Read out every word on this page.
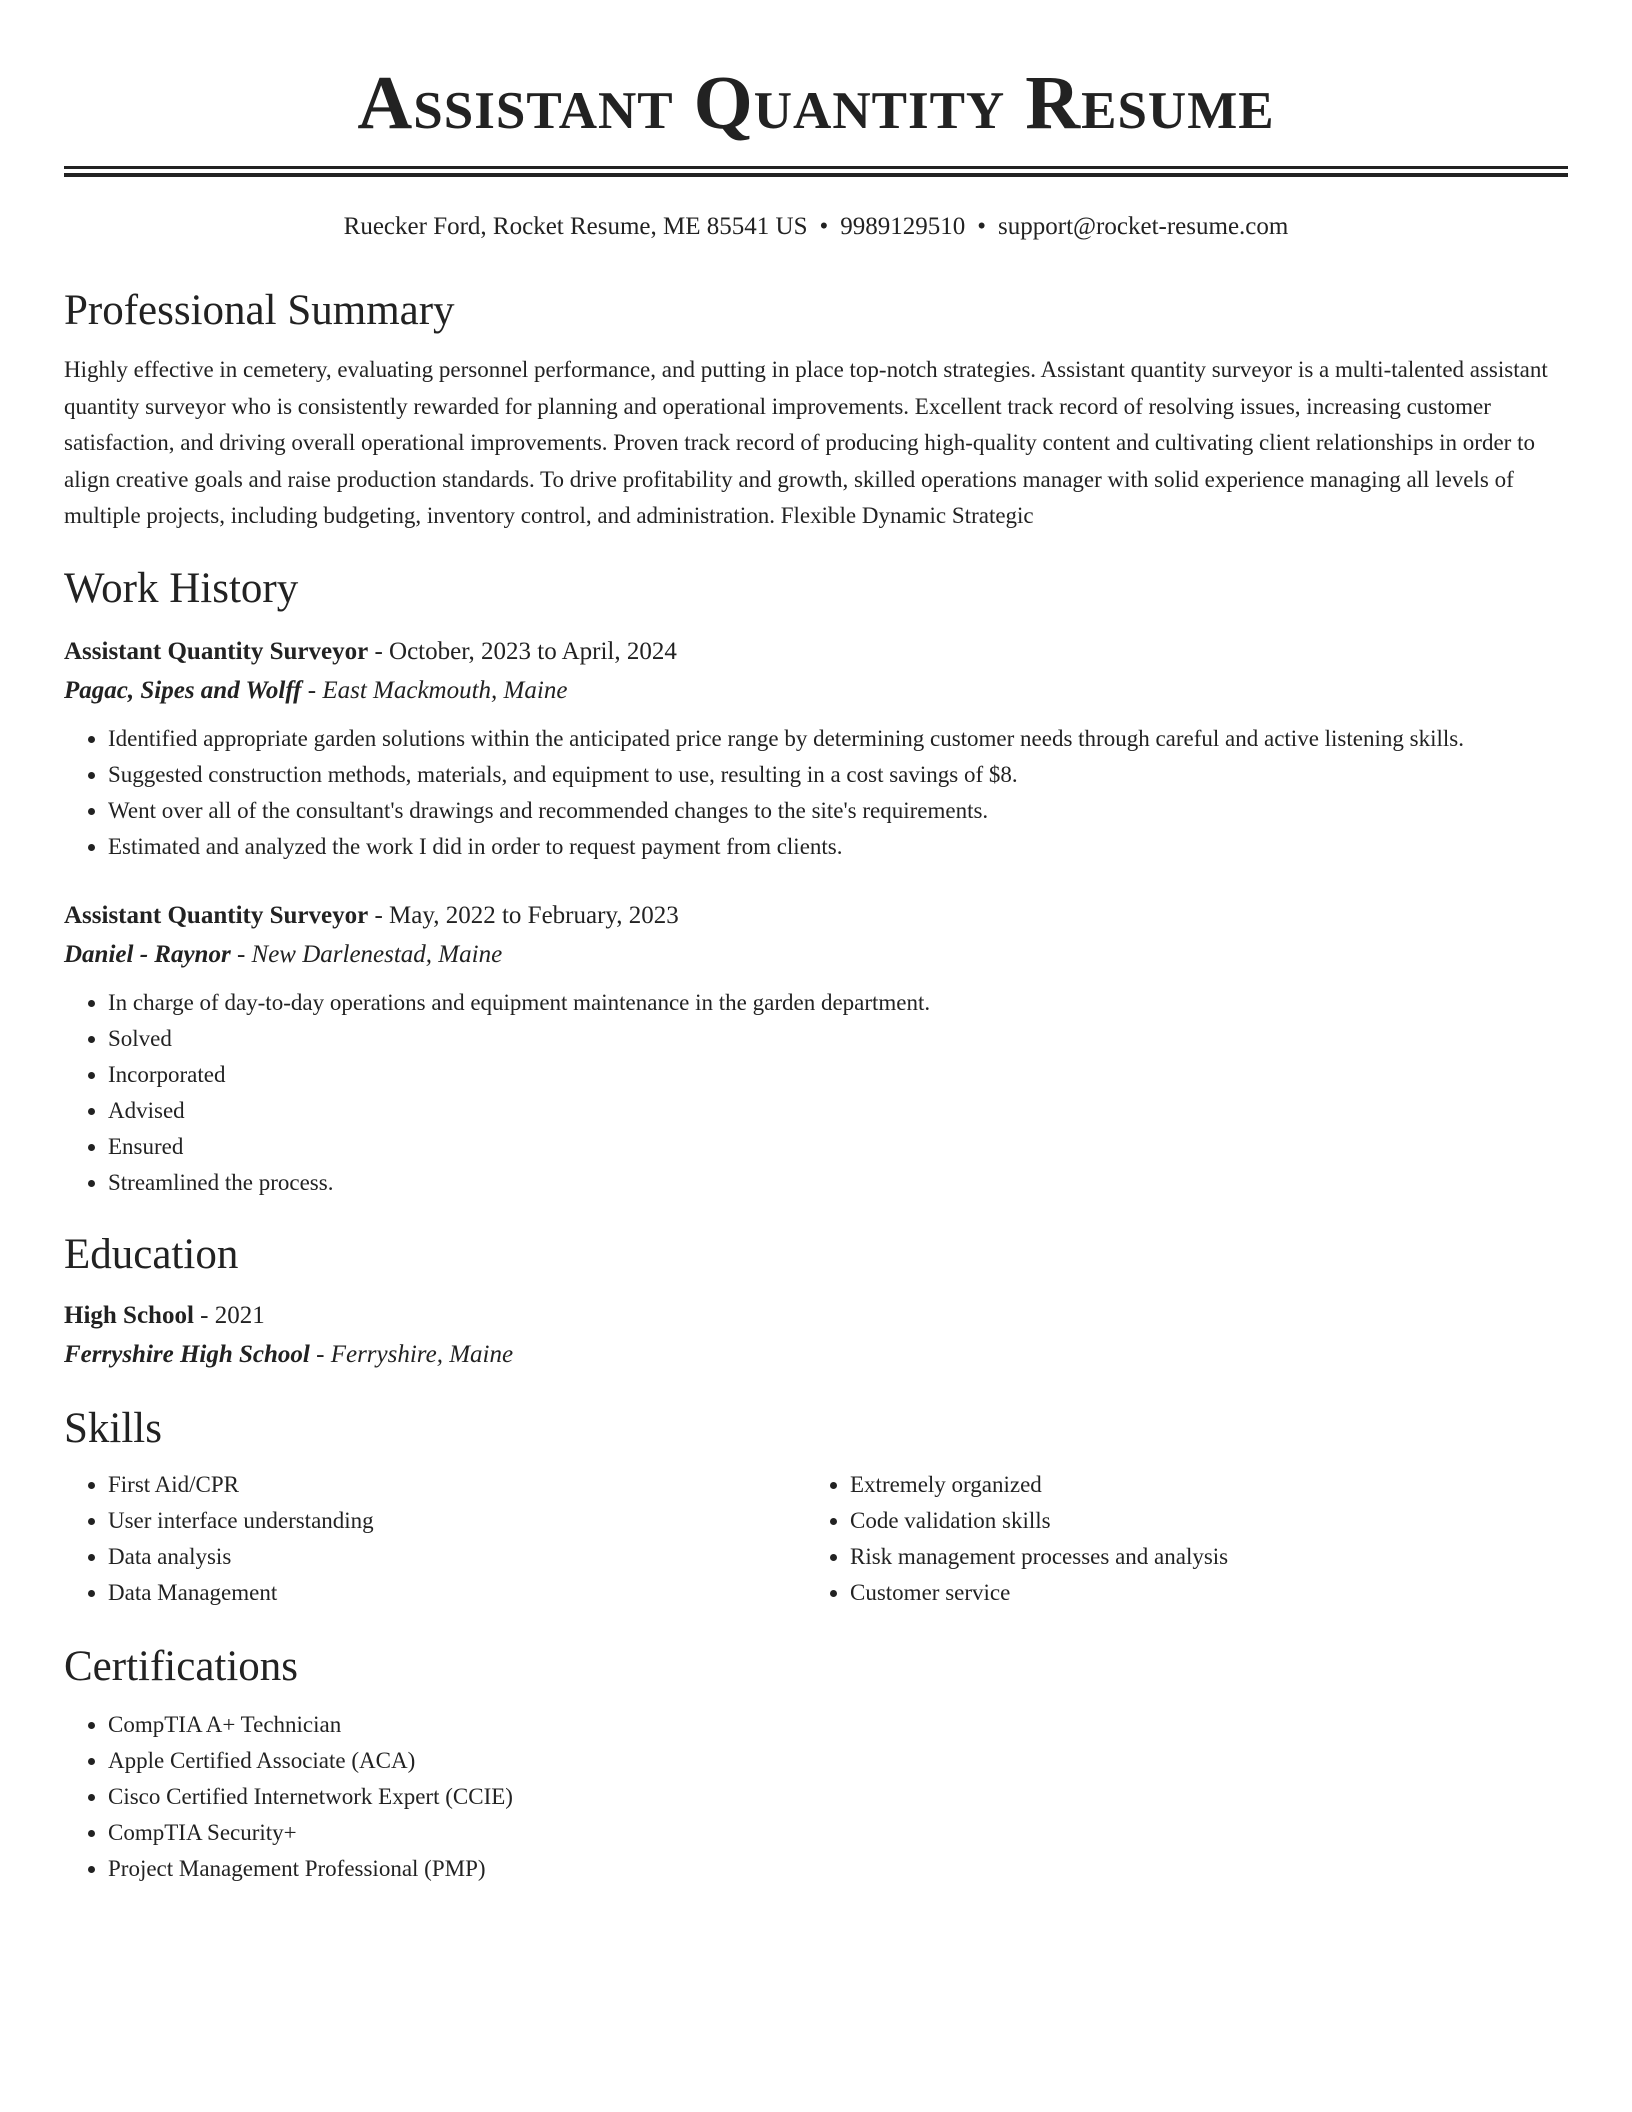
Assistant Quantity Resume
Ruecker Ford, Rocket Resume, ME 85541 US • 9989129510 • support@rocket-resume.com
Professional Summary

Highly effective in cemetery, evaluating personnel performance, and putting in place top-notch strategies. Assistant quantity surveyor is a multi-talented assistant quantity surveyor who is consistently rewarded for planning and operational improvements. Excellent track record of resolving issues, increasing customer satisfaction, and driving overall operational improvements. Proven track record of producing high-quality content and cultivating client relationships in order to align creative goals and raise production standards. To drive profitability and growth, skilled operations manager with solid experience managing all levels of multiple projects, including budgeting, inventory control, and administration. Flexible Dynamic Strategic

Work History
Assistant Quantity Surveyor - October, 2023 to April, 2024
Pagac, Sipes and Wolff - East Mackmouth, Maine
• Identified appropriate garden solutions within the anticipated price range by determining customer needs through careful and active listening skills.
• Suggested construction methods, materials, and equipment to use, resulting in a cost savings of $8.
• Went over all of the consultant's drawings and recommended changes to the site's requirements.
• Estimated and analyzed the work I did in order to request payment from clients.
Assistant Quantity Surveyor - May, 2022 to February, 2023
Daniel - Raynor - New Darlenestad, Maine
• In charge of day-to-day operations and equipment maintenance in the garden department.
• Solved
• Incorporated
• Advised
• Ensured
• Streamlined the process.
Education
High School - 2021
Ferryshire High School - Ferryshire, Maine
Skills
• First Aid/CPR
• User interface understanding
• Data analysis
• Data Management
• Extremely organized
• Code validation skills
• Risk management processes and analysis
• Customer service
Certifications
• CompTIA A+ Technician
• Apple Certified Associate (ACA)
• Cisco Certified Internetwork Expert (CCIE)
• CompTIA Security+
• Project Management Professional (PMP)
